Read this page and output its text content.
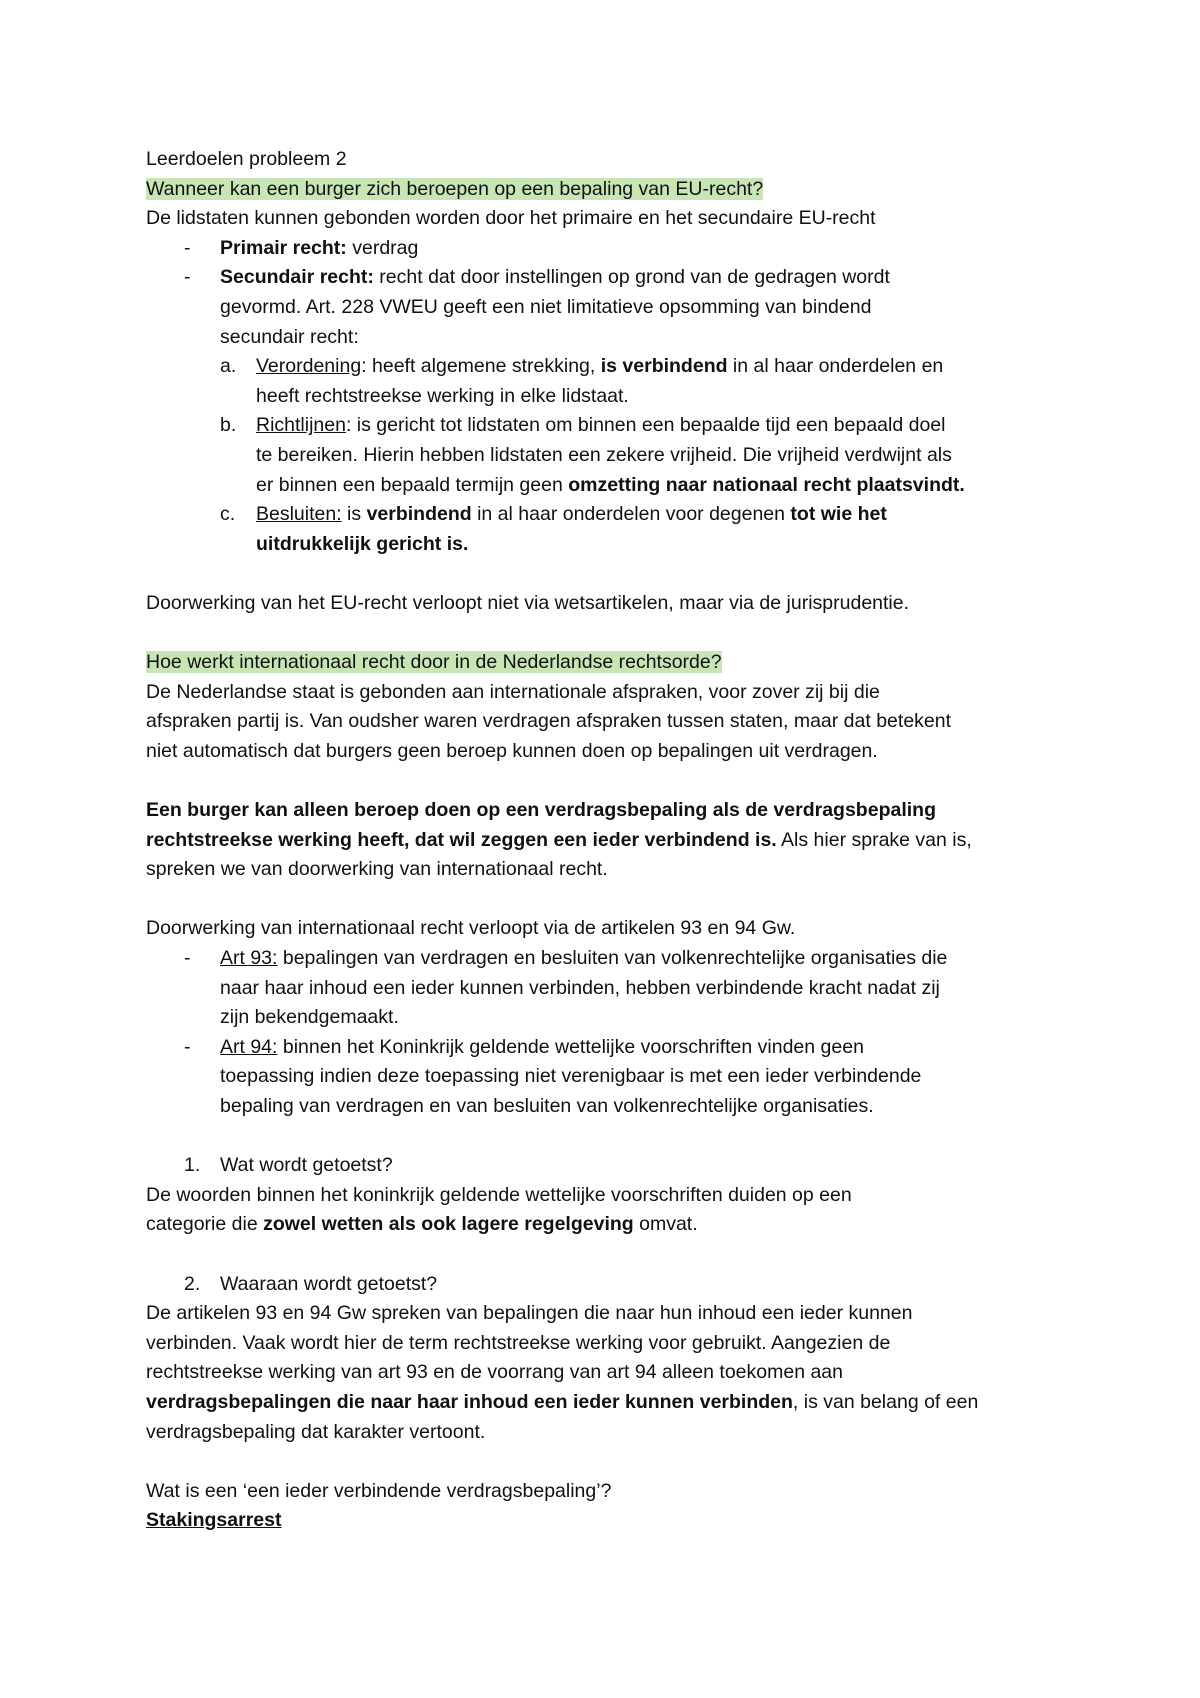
Leerdoelen probleem 2
Wanneer kan een burger zich beroepen op een bepaling van EU-recht?
De lidstaten kunnen gebonden worden door het primaire en het secundaire EU-recht
- Primair recht: verdrag
- Secundair recht: recht dat door instellingen op grond van de gedragen wordt
gevormd. Art. 228 VWEU geeft een niet limitatieve opsomming van bindend
secundair recht:
a. Verordening: heeft algemene strekking, is verbindend in al haar onderdelen en
heeft rechtstreekse werking in elke lidstaat.
b. Richtlijnen: is gericht tot lidstaten om binnen een bepaalde tijd een bepaald doel
te bereiken. Hierin hebben lidstaten een zekere vrijheid. Die vrijheid verdwijnt als
er binnen een bepaald termijn geen omzetting naar nationaal recht plaatsvindt.
c. Besluiten: is verbindend in al haar onderdelen voor degenen tot wie het
uitdrukkelijk gericht is.
Doorwerking van het EU-recht verloopt niet via wetsartikelen, maar via de jurisprudentie.
Hoe werkt internationaal recht door in de Nederlandse rechtsorde?
De Nederlandse staat is gebonden aan internationale afspraken, voor zover zij bij die
afspraken partij is. Van oudsher waren verdragen afspraken tussen staten, maar dat betekent
niet automatisch dat burgers geen beroep kunnen doen op bepalingen uit verdragen.
Een burger kan alleen beroep doen op een verdragsbepaling als de verdragsbepaling
rechtstreekse werking heeft, dat wil zeggen een ieder verbindend is. Als hier sprake van is,
spreken we van doorwerking van internationaal recht.
Doorwerking van internationaal recht verloopt via de artikelen 93 en 94 Gw.
- Art 93: bepalingen van verdragen en besluiten van volkenrechtelijke organisaties die
naar haar inhoud een ieder kunnen verbinden, hebben verbindende kracht nadat zij
zijn bekendgemaakt.
- Art 94: binnen het Koninkrijk geldende wettelijke voorschriften vinden geen
toepassing indien deze toepassing niet verenigbaar is met een ieder verbindende
bepaling van verdragen en van besluiten van volkenrechtelijke organisaties.
1. Wat wordt getoetst?
De woorden binnen het koninkrijk geldende wettelijke voorschriften duiden op een
categorie die zowel wetten als ook lagere regelgeving omvat.
2. Waaraan wordt getoetst?
De artikelen 93 en 94 Gw spreken van bepalingen die naar hun inhoud een ieder kunnen
verbinden. Vaak wordt hier de term rechtstreekse werking voor gebruikt. Aangezien de
rechtstreekse werking van art 93 en de voorrang van art 94 alleen toekomen aan
verdragsbepalingen die naar haar inhoud een ieder kunnen verbinden, is van belang of een
verdragsbepaling dat karakter vertoont.
Wat is een ‘een ieder verbindende verdragsbepaling’?
Stakingsarrest
